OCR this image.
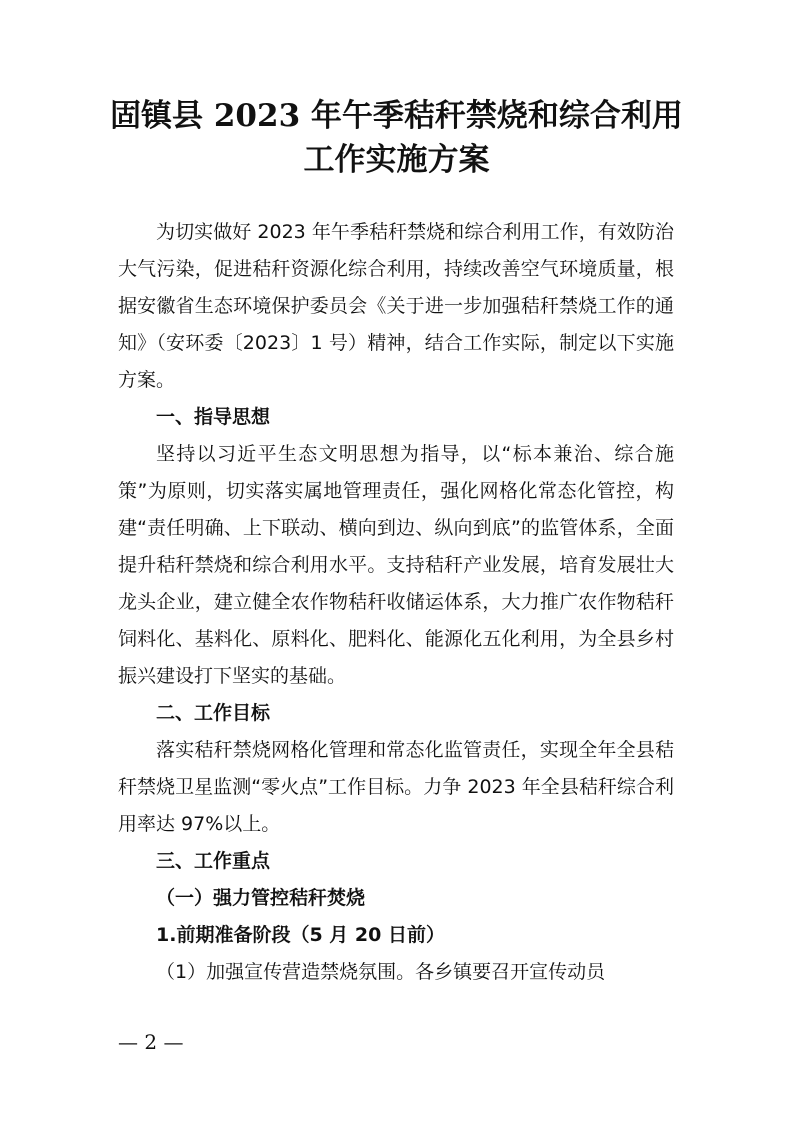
固镇县 2023 年午季秸秆禁烧和综合利用工作实施方案

为切实做好 2023 年午季秸秆禁烧和综合利用工作，有效防治大气污染，促进秸秆资源化综合利用，持续改善空气环境质量，根据安徽省生态环境保护委员会《关于进一步加强秸秆禁烧工作的通知》（安环委〔2023〕1 号）精神，结合工作实际，制定以下实施方案。

一、指导思想

坚持以习近平生态文明思想为指导，以“标本兼治、综合施策”为原则，切实落实属地管理责任，强化网格化常态化管控，构建“责任明确、上下联动、横向到边、纵向到底”的监管体系，全面提升秸秆禁烧和综合利用水平。支持秸秆产业发展，培育发展壮大龙头企业，建立健全农作物秸秆收储运体系，大力推广农作物秸秆饲料化、基料化、原料化、肥料化、能源化五化利用，为全县乡村振兴建设打下坚实的基础。

二、工作目标

落实秸秆禁烧网格化管理和常态化监管责任，实现全年全县秸秆禁烧卫星监测“零火点”工作目标。力争 2023 年全县秸秆综合利用率达 97%以上。

三、工作重点

（一）强力管控秸秆焚烧

1.前期准备阶段（5 月 20 日前）

（1）加强宣传营造禁烧氛围。各乡镇要召开宣传动员

— 2 —
